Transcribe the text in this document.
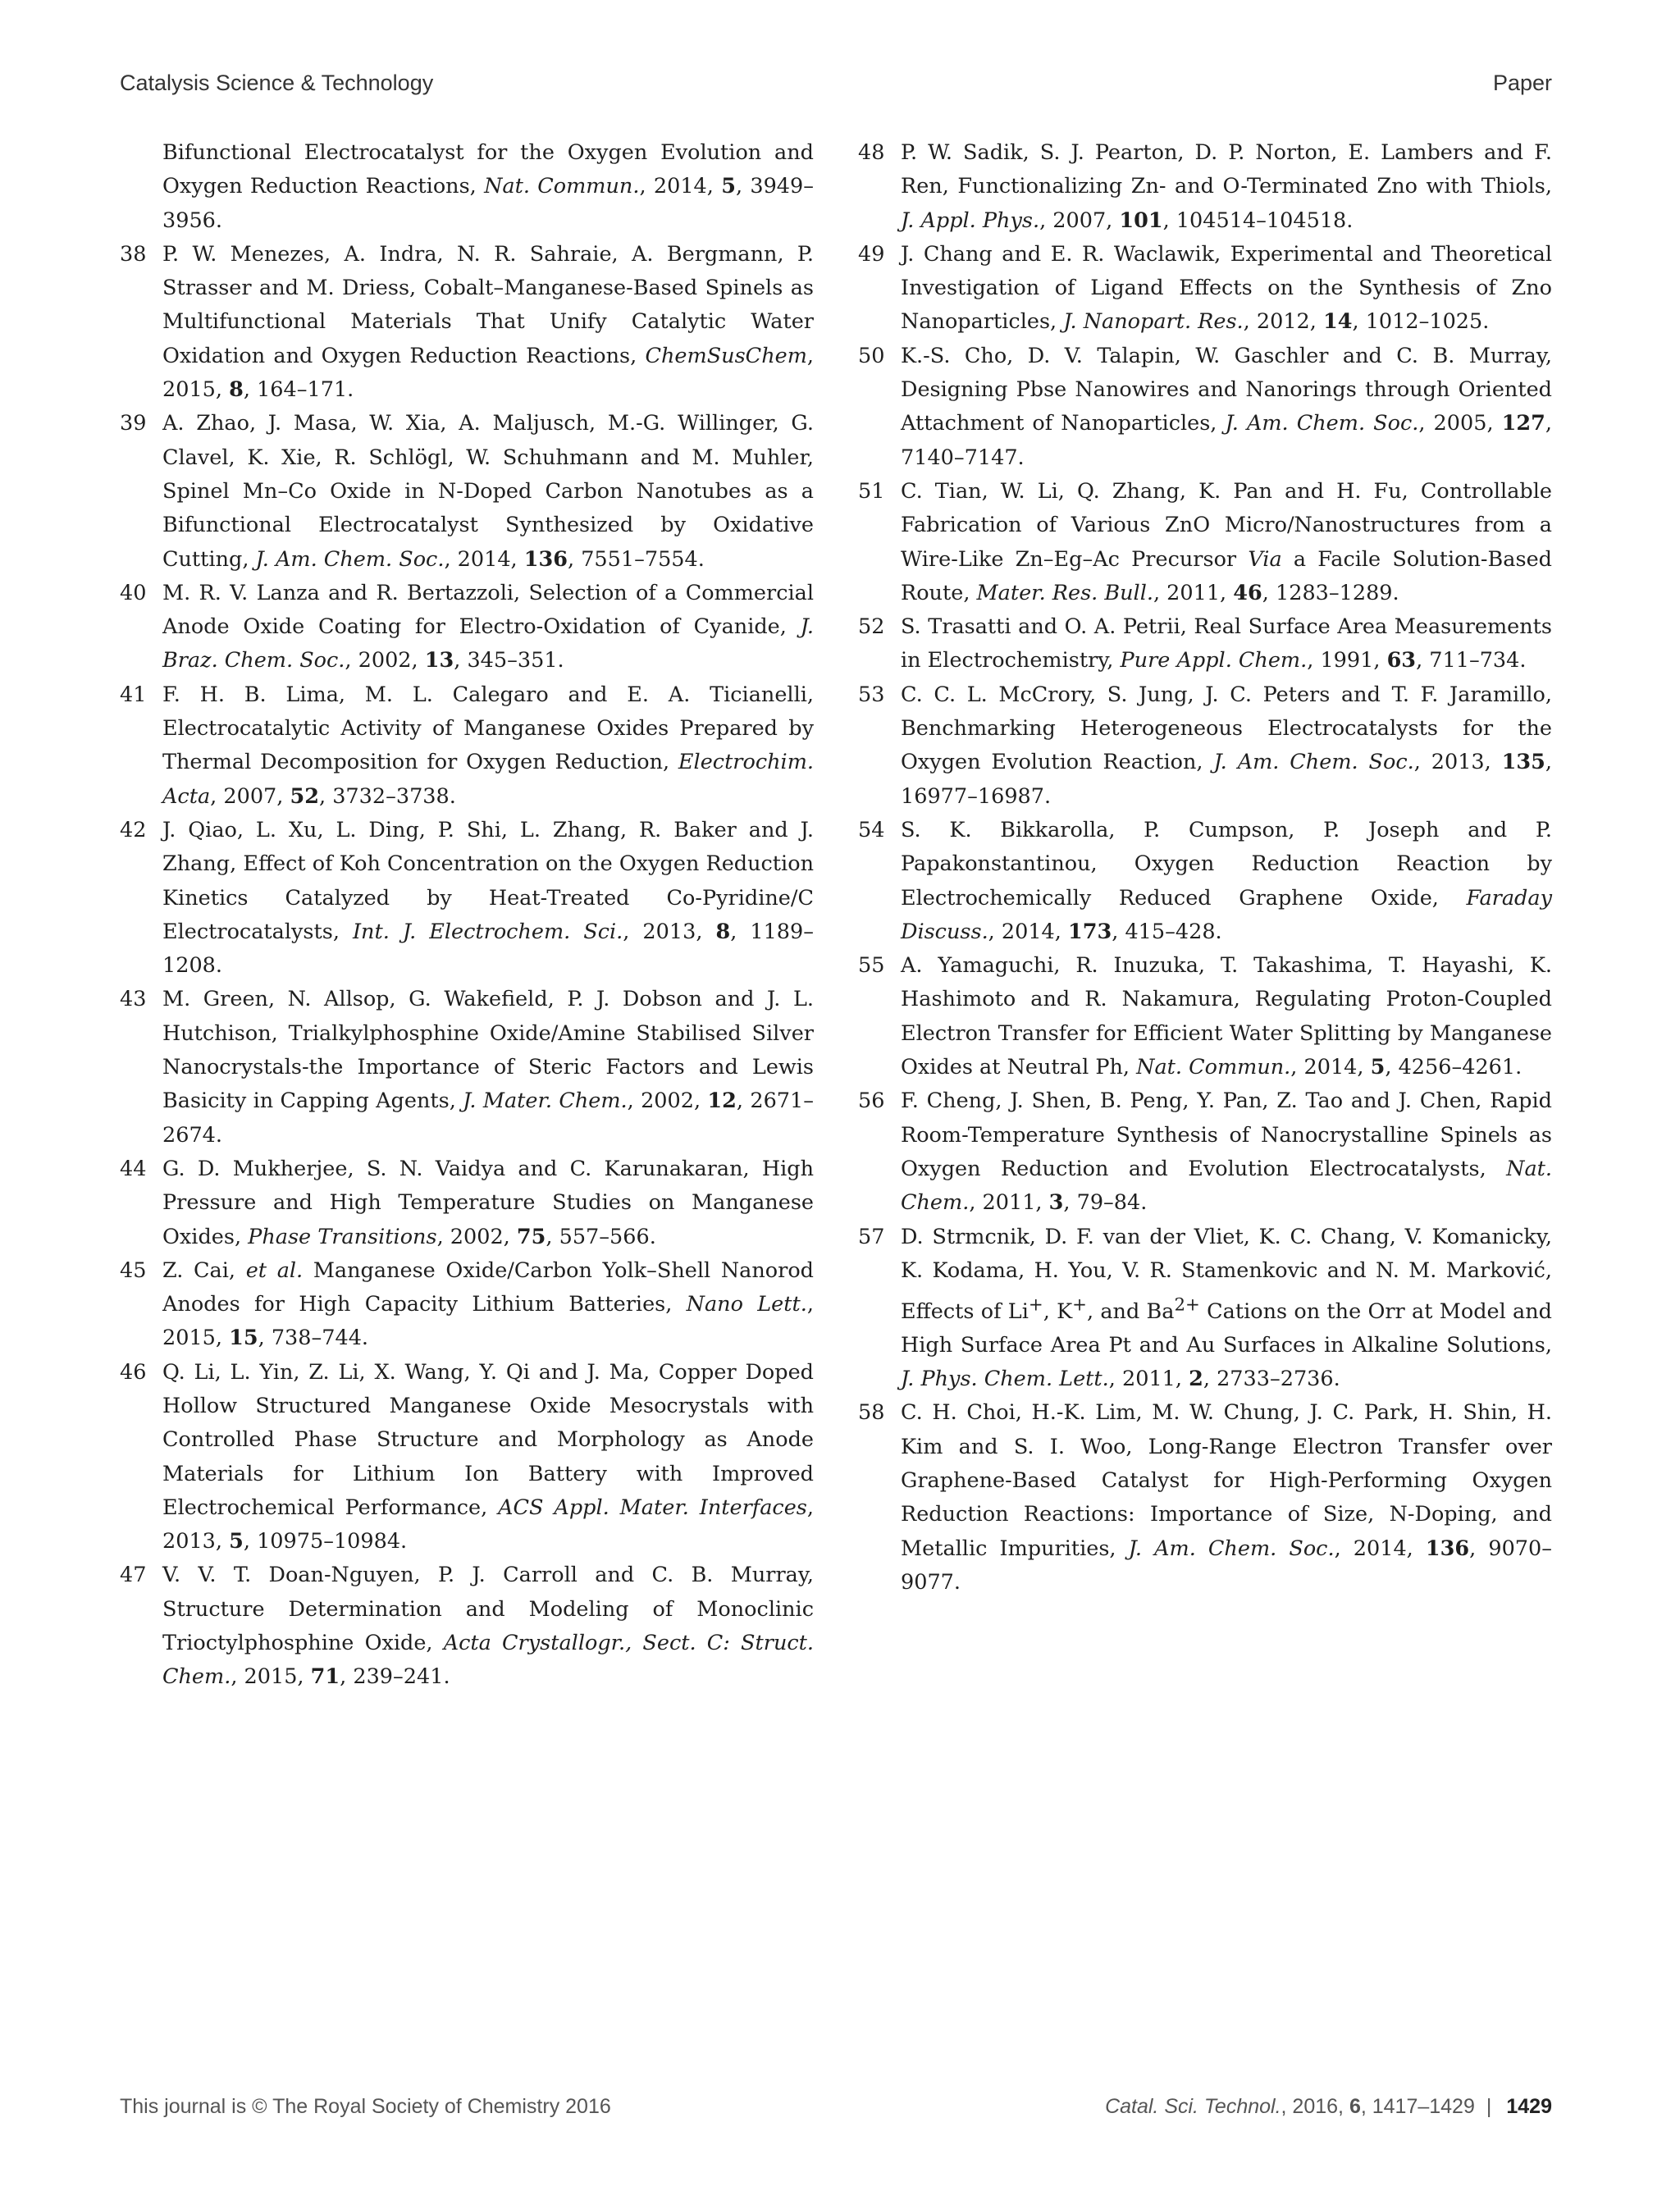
Catalysis Science & Technology	Paper
Bifunctional Electrocatalyst for the Oxygen Evolution and Oxygen Reduction Reactions, Nat. Commun., 2014, 5, 3949–3956.
38 P. W. Menezes, A. Indra, N. R. Sahraie, A. Bergmann, P. Strasser and M. Driess, Cobalt–Manganese-Based Spinels as Multifunctional Materials That Unify Catalytic Water Oxidation and Oxygen Reduction Reactions, ChemSusChem, 2015, 8, 164–171.
39 A. Zhao, J. Masa, W. Xia, A. Maljusch, M.-G. Willinger, G. Clavel, K. Xie, R. Schlögl, W. Schuhmann and M. Muhler, Spinel Mn–Co Oxide in N-Doped Carbon Nanotubes as a Bifunctional Electrocatalyst Synthesized by Oxidative Cutting, J. Am. Chem. Soc., 2014, 136, 7551–7554.
40 M. R. V. Lanza and R. Bertazzoli, Selection of a Commercial Anode Oxide Coating for Electro-Oxidation of Cyanide, J. Braz. Chem. Soc., 2002, 13, 345–351.
41 F. H. B. Lima, M. L. Calegaro and E. A. Ticianelli, Electrocatalytic Activity of Manganese Oxides Prepared by Thermal Decomposition for Oxygen Reduction, Electrochim. Acta, 2007, 52, 3732–3738.
42 J. Qiao, L. Xu, L. Ding, P. Shi, L. Zhang, R. Baker and J. Zhang, Effect of Koh Concentration on the Oxygen Reduction Kinetics Catalyzed by Heat-Treated Co-Pyridine/C Electrocatalysts, Int. J. Electrochem. Sci., 2013, 8, 1189–1208.
43 M. Green, N. Allsop, G. Wakefield, P. J. Dobson and J. L. Hutchison, Trialkylphosphine Oxide/Amine Stabilised Silver Nanocrystals-the Importance of Steric Factors and Lewis Basicity in Capping Agents, J. Mater. Chem., 2002, 12, 2671–2674.
44 G. D. Mukherjee, S. N. Vaidya and C. Karunakaran, High Pressure and High Temperature Studies on Manganese Oxides, Phase Transitions, 2002, 75, 557–566.
45 Z. Cai, et al. Manganese Oxide/Carbon Yolk–Shell Nanorod Anodes for High Capacity Lithium Batteries, Nano Lett., 2015, 15, 738–744.
46 Q. Li, L. Yin, Z. Li, X. Wang, Y. Qi and J. Ma, Copper Doped Hollow Structured Manganese Oxide Mesocrystals with Controlled Phase Structure and Morphology as Anode Materials for Lithium Ion Battery with Improved Electrochemical Performance, ACS Appl. Mater. Interfaces, 2013, 5, 10975–10984.
47 V. V. T. Doan-Nguyen, P. J. Carroll and C. B. Murray, Structure Determination and Modeling of Monoclinic Trioctylphosphine Oxide, Acta Crystallogr., Sect. C: Struct. Chem., 2015, 71, 239–241.
48 P. W. Sadik, S. J. Pearton, D. P. Norton, E. Lambers and F. Ren, Functionalizing Zn- and O-Terminated Zno with Thiols, J. Appl. Phys., 2007, 101, 104514–104518.
49 J. Chang and E. R. Waclawik, Experimental and Theoretical Investigation of Ligand Effects on the Synthesis of Zno Nanoparticles, J. Nanopart. Res., 2012, 14, 1012–1025.
50 K.-S. Cho, D. V. Talapin, W. Gaschler and C. B. Murray, Designing Pbse Nanowires and Nanorings through Oriented Attachment of Nanoparticles, J. Am. Chem. Soc., 2005, 127, 7140–7147.
51 C. Tian, W. Li, Q. Zhang, K. Pan and H. Fu, Controllable Fabrication of Various ZnO Micro/Nanostructures from a Wire-Like Zn–Eg–Ac Precursor Via a Facile Solution-Based Route, Mater. Res. Bull., 2011, 46, 1283–1289.
52 S. Trasatti and O. A. Petrii, Real Surface Area Measurements in Electrochemistry, Pure Appl. Chem., 1991, 63, 711–734.
53 C. C. L. McCrory, S. Jung, J. C. Peters and T. F. Jaramillo, Benchmarking Heterogeneous Electrocatalysts for the Oxygen Evolution Reaction, J. Am. Chem. Soc., 2013, 135, 16977–16987.
54 S. K. Bikkarolla, P. Cumpson, P. Joseph and P. Papakonstantinou, Oxygen Reduction Reaction by Electrochemically Reduced Graphene Oxide, Faraday Discuss., 2014, 173, 415–428.
55 A. Yamaguchi, R. Inuzuka, T. Takashima, T. Hayashi, K. Hashimoto and R. Nakamura, Regulating Proton-Coupled Electron Transfer for Efficient Water Splitting by Manganese Oxides at Neutral Ph, Nat. Commun., 2014, 5, 4256–4261.
56 F. Cheng, J. Shen, B. Peng, Y. Pan, Z. Tao and J. Chen, Rapid Room-Temperature Synthesis of Nanocrystalline Spinels as Oxygen Reduction and Evolution Electrocatalysts, Nat. Chem., 2011, 3, 79–84.
57 D. Strmcnik, D. F. van der Vliet, K. C. Chang, V. Komanicky, K. Kodama, H. You, V. R. Stamenkovic and N. M. Marković, Effects of Li+, K+, and $Ba^{2+}$ Cations on the Orr at Model and High Surface Area Pt and Au Surfaces in Alkaline Solutions, J. Phys. Chem. Lett., 2011, 2, 2733–2736.
58 C. H. Choi, H.-K. Lim, M. W. Chung, J. C. Park, H. Shin, H. Kim and S. I. Woo, Long-Range Electron Transfer over Graphene-Based Catalyst for High-Performing Oxygen Reduction Reactions: Importance of Size, N-Doping, and Metallic Impurities, J. Am. Chem. Soc., 2014, 136, 9070–9077.
This journal is © The Royal Society of Chemistry 2016	Catal. Sci. Technol., 2016, 6, 1417–1429 | 1429
